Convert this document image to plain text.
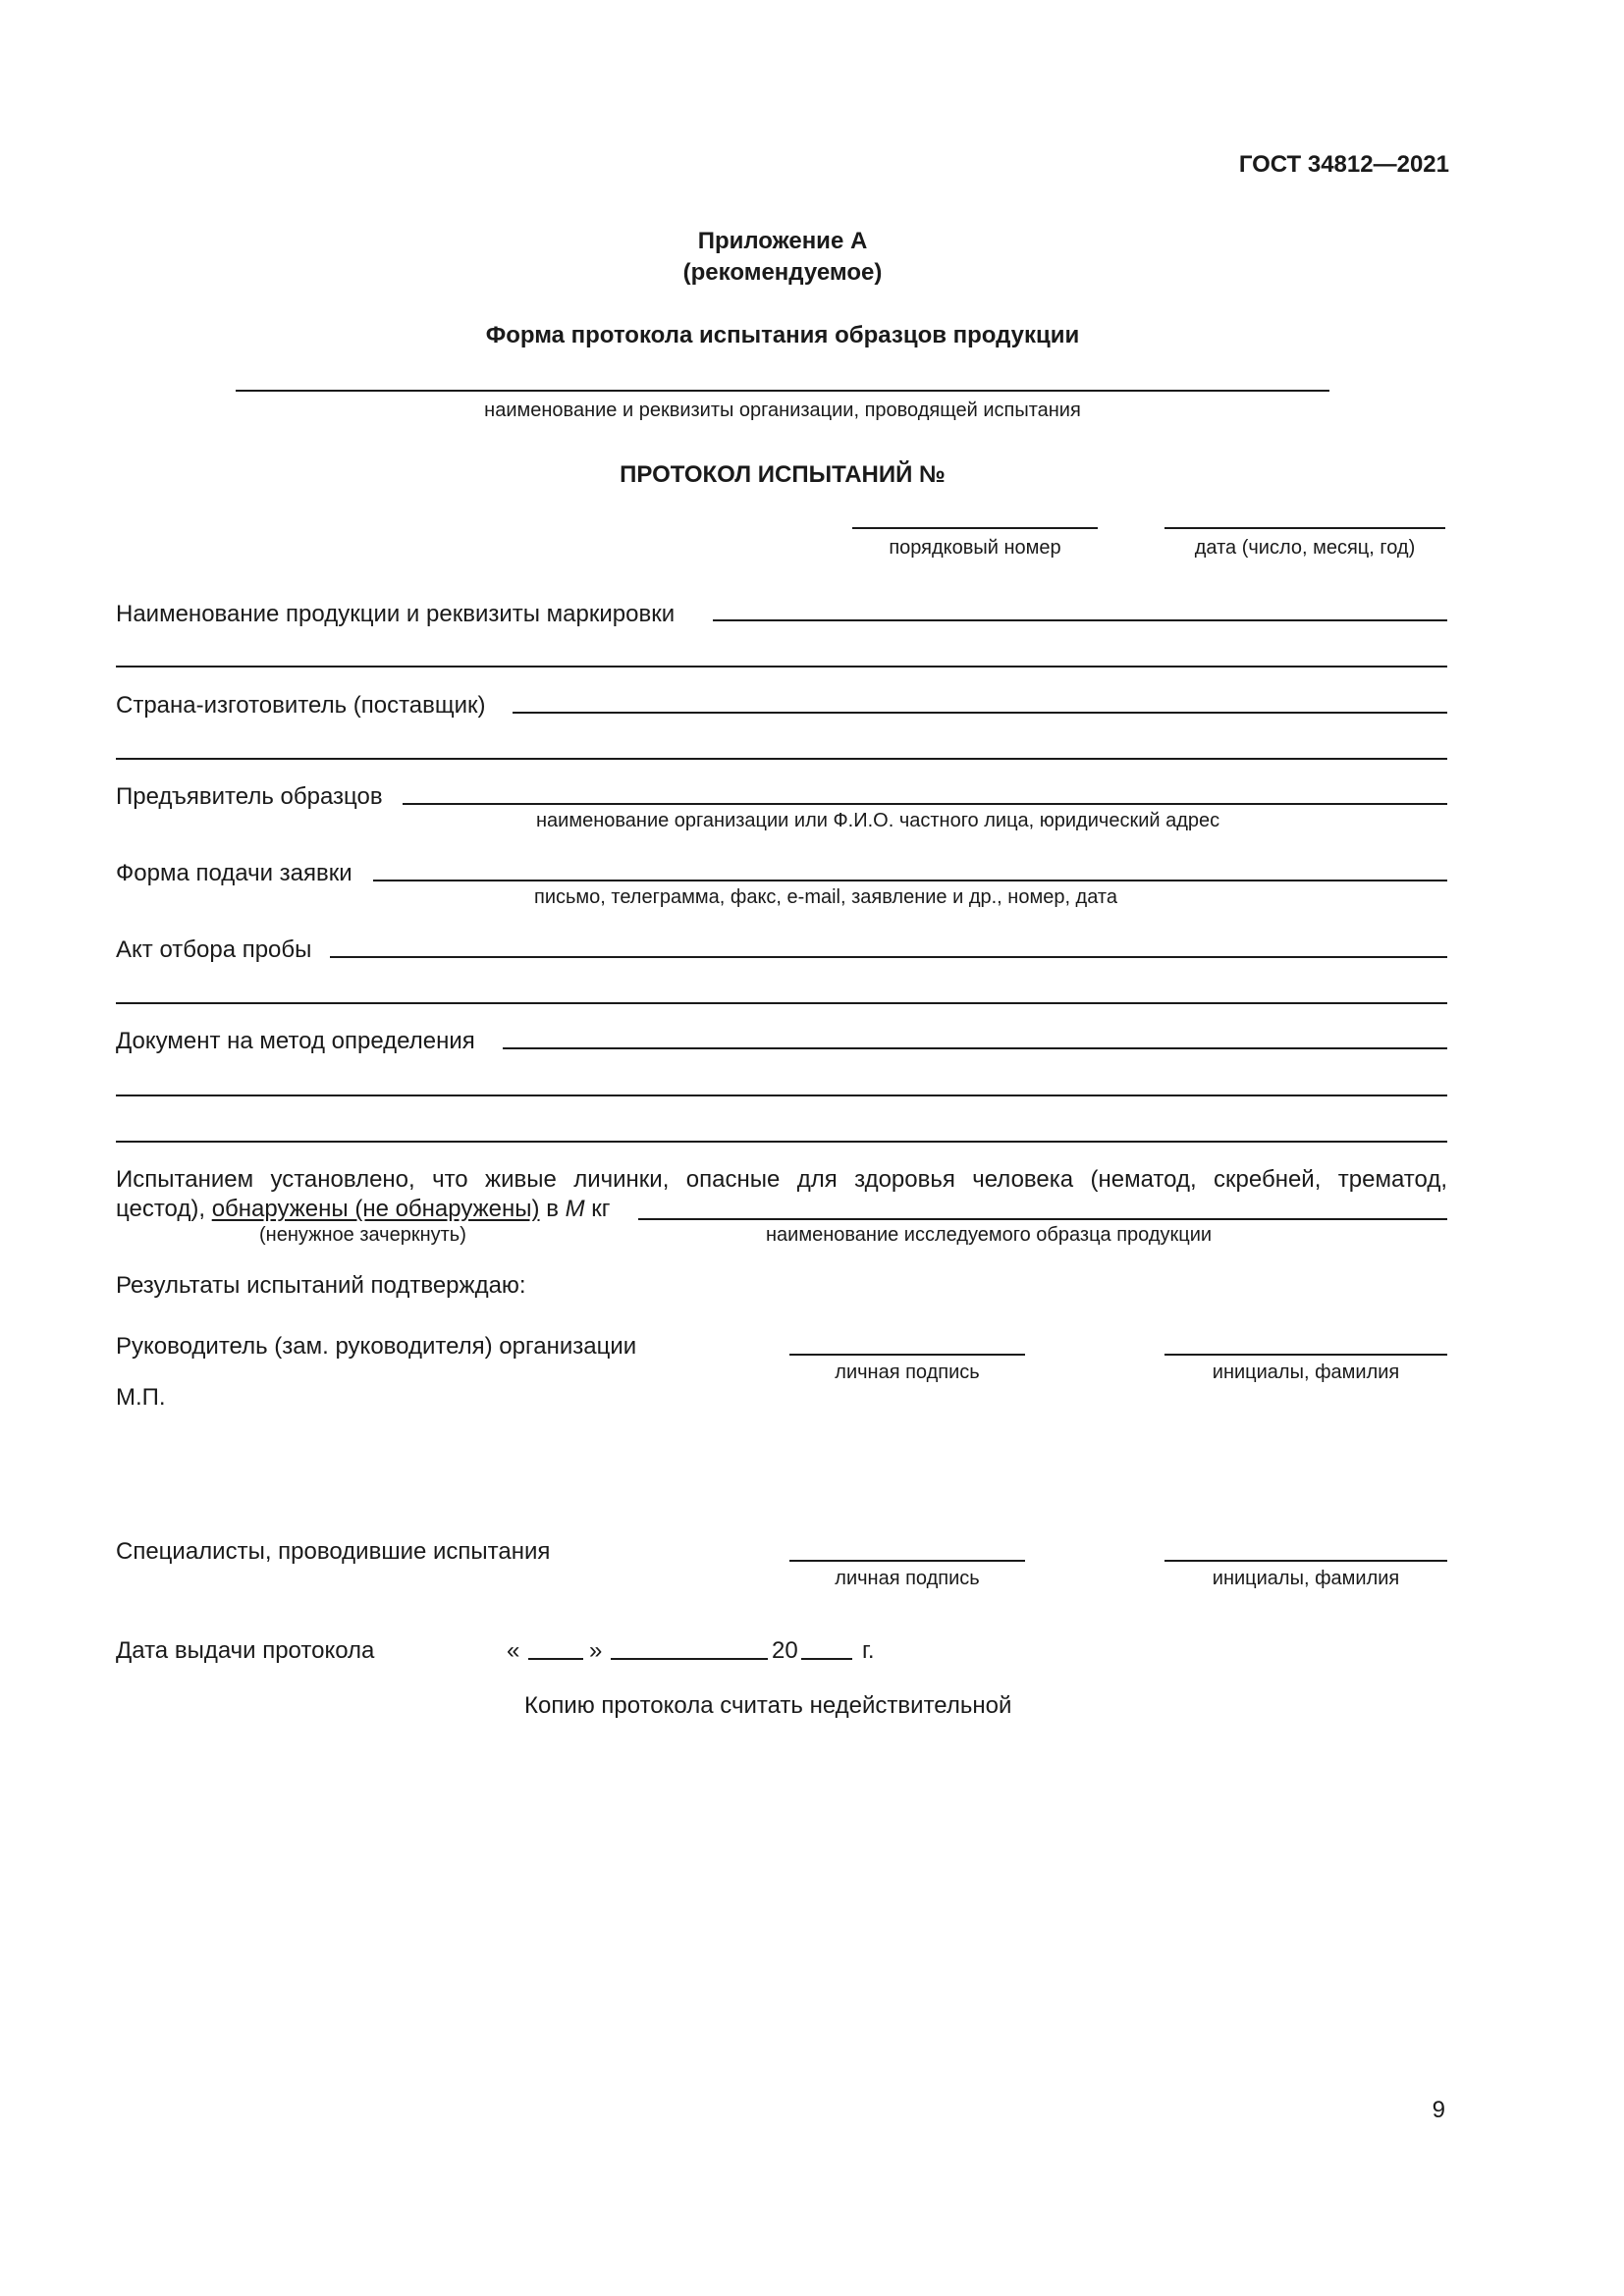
ГОСТ 34812—2021
Приложение А
(рекомендуемое)
Форма протокола испытания образцов продукции
наименование и реквизиты организации, проводящей испытания
ПРОТОКОЛ ИСПЫТАНИЙ №
порядковый номер	дата (число, месяц, год)
Наименование продукции и реквизиты маркировки
Страна-изготовитель (поставщик)
Предъявитель образцов
наименование организации или Ф.И.О. частного лица, юридический адрес
Форма подачи заявки
письмо, телеграмма, факс, e-mail, заявление и др., номер, дата
Акт отбора пробы
Документ на метод определения
Испытанием установлено, что живые личинки, опасные для здоровья человека (нематод, скребней, трематод,
цестод), обнаружены (не обнаружены) в M кг
(ненужное зачеркнуть)	наименование исследуемого образца продукции
Результаты испытаний подтверждаю:
Руководитель (зам. руководителя) организации
личная подпись	инициалы, фамилия
М.П.
Специалисты, проводившие испытания
личная подпись	инициалы, фамилия
Дата выдачи протокола	«	»	20	г.
Копию протокола считать недействительной
9
